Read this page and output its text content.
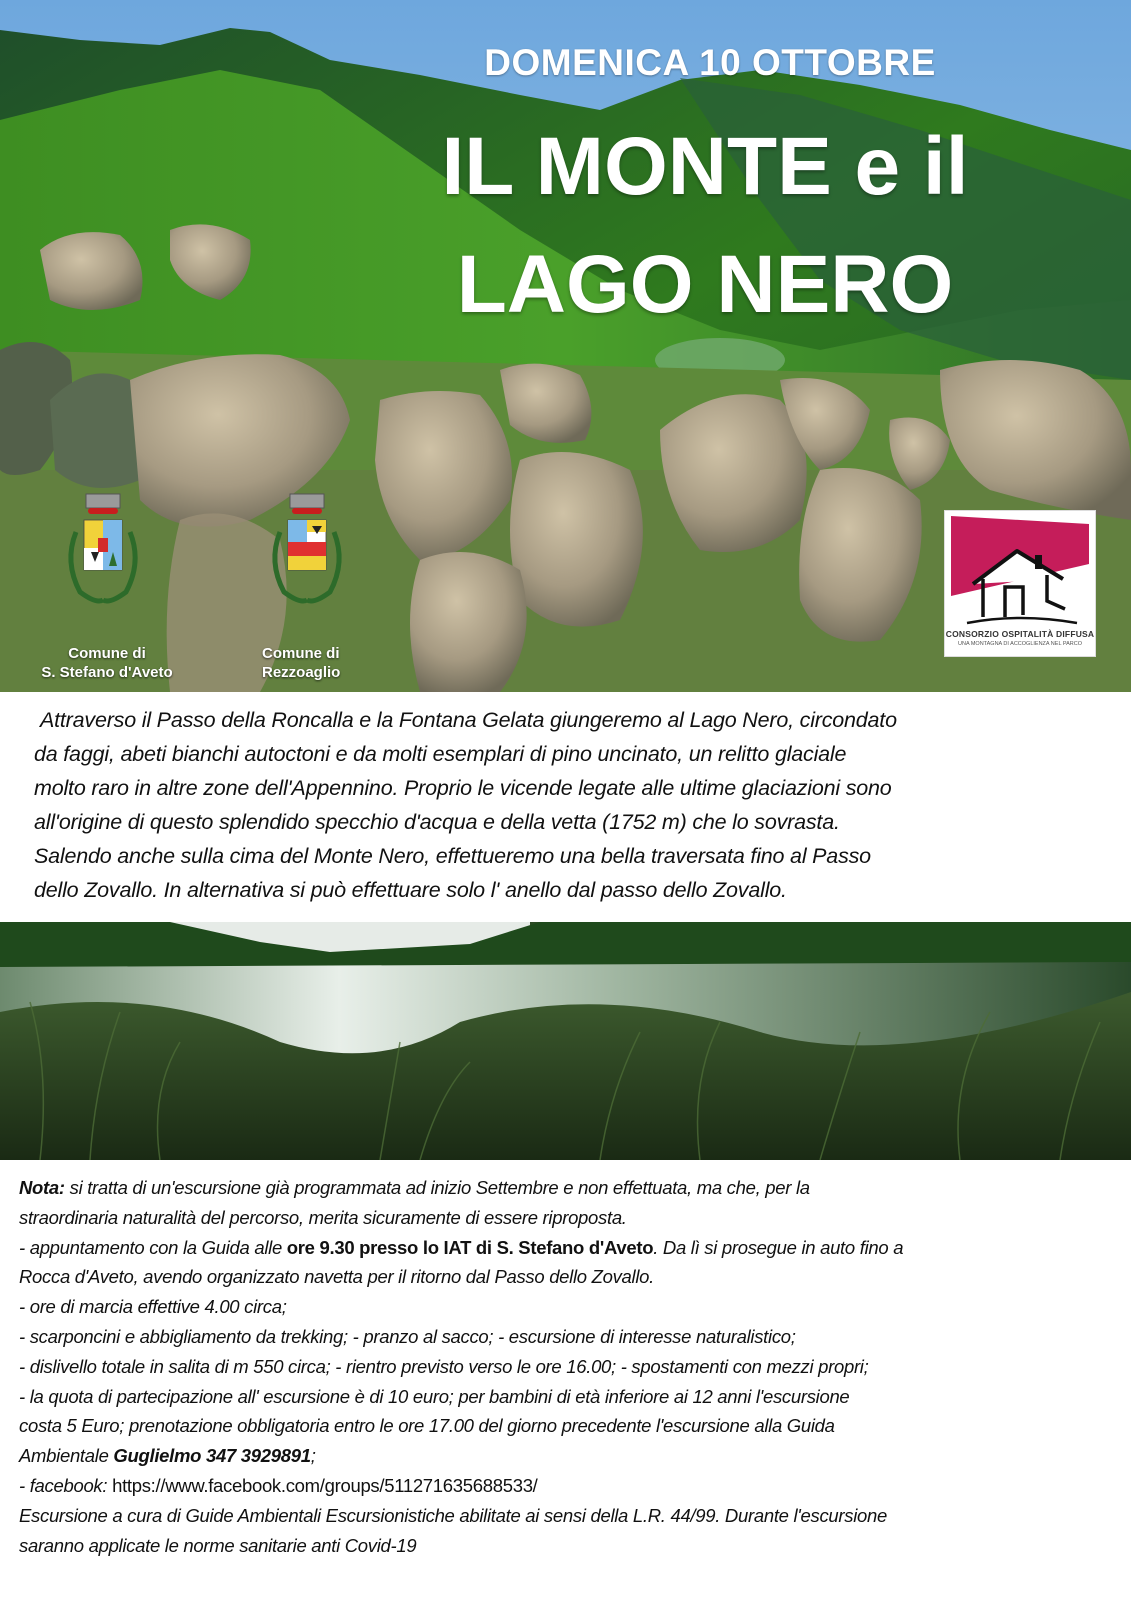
DOMENICA 10 OTTOBRE
IL MONTE e il
LAGO NERO
Comune di
S. Stefano d'Aveto
Comune di
Rezzoaglio
CONSORZIO OSPITALITÀ DIFFUSA
UNA MONTAGNA DI ACCOGLIENZA NEL PARCO
Attraverso il Passo della Roncalla e la Fontana Gelata giungeremo al Lago Nero, circondato
da faggi, abeti bianchi autoctoni e da molti esemplari di pino uncinato, un relitto glaciale
molto raro in altre zone dell'Appennino. Proprio le vicende legate alle ultime glaciazioni sono
all'origine di questo splendido specchio d'acqua e della vetta (1752 m) che lo sovrasta.
Salendo anche sulla cima del Monte Nero, effettueremo una bella traversata fino al Passo
dello Zovallo. In alternativa si può effettuare solo l' anello dal passo dello Zovallo.
Nota: si tratta di un'escursione già programmata ad inizio Settembre e non effettuata, ma che, per la
straordinaria naturalità del percorso, merita sicuramente di essere riproposta.
- appuntamento con la Guida alle ore 9.30 presso lo IAT di S. Stefano d'Aveto. Da lì si prosegue in auto fino a
Rocca d'Aveto, avendo organizzato navetta per il ritorno dal Passo dello Zovallo.
- ore di marcia effettive 4.00 circa;
- scarponcini e abbigliamento da trekking; - pranzo al sacco; - escursione di interesse naturalistico;
- dislivello totale in salita di m 550 circa; - rientro previsto verso le ore 16.00; - spostamenti con mezzi propri;
- la quota di partecipazione all' escursione è di 10 euro; per bambini di età inferiore ai 12 anni l'escursione
costa 5 Euro; prenotazione obbligatoria entro le ore 17.00 del giorno precedente l'escursione alla Guida
Ambientale Guglielmo 347 3929891;
- facebook: https://www.facebook.com/groups/511271635688533/
Escursione a cura di Guide Ambientali Escursionistiche abilitate ai sensi della L.R. 44/99. Durante l'escursione
saranno applicate le norme sanitarie anti Covid-19
